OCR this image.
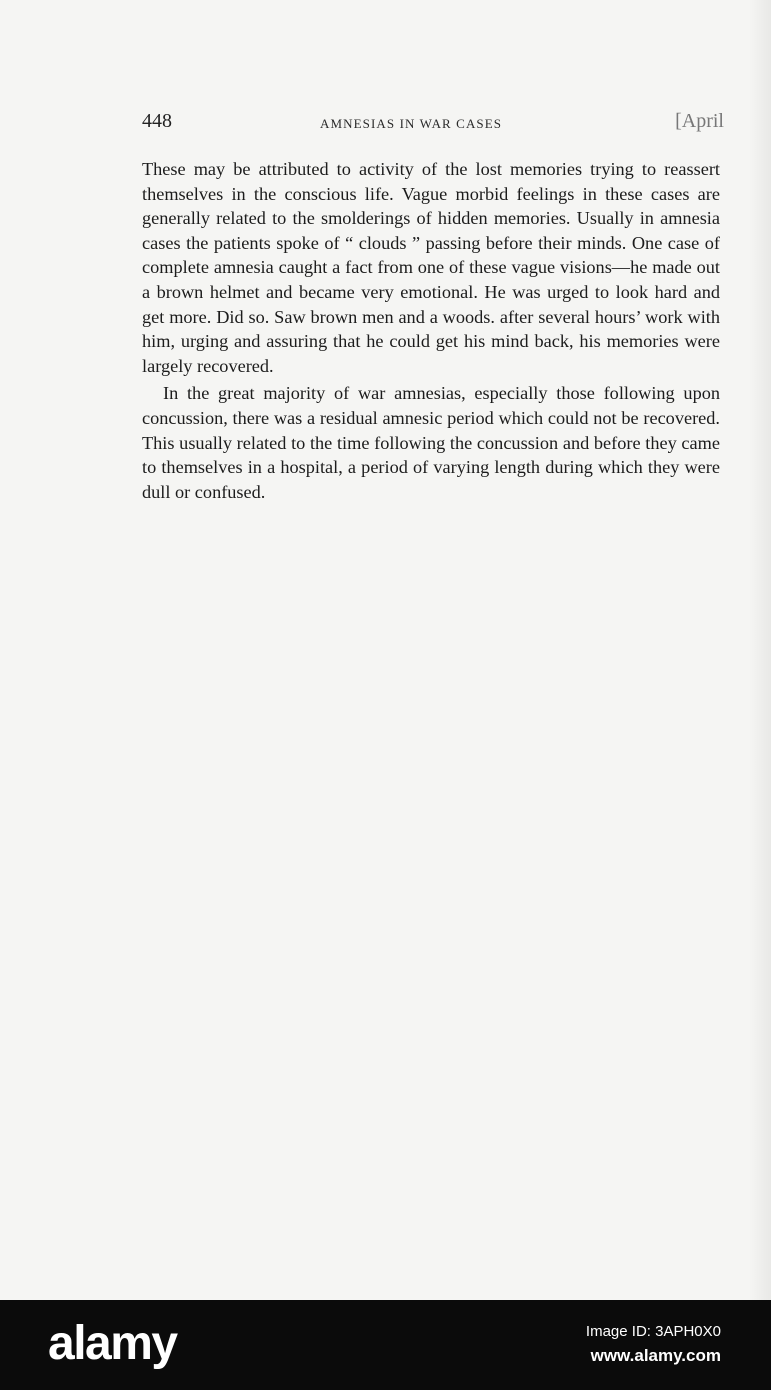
448	AMNESIAS IN WAR CASES	[April

These may be attributed to activity of the lost memories trying to reassert themselves in the conscious life. Vague morbid feelings in these cases are generally related to the smolderings of hidden memories. Usually in amnesia cases the patients spoke of “ clouds ” passing before their minds. One case of complete amnesia caught a fact from one of these vague visions—he made out a brown helmet and became very emotional. He was urged to look hard and get more. Did so. Saw brown men and a woods. after several hours’ work with him, urging and assuring that he could get his mind back, his memories were largely recovered.

In the great majority of war amnesias, especially those following upon concussion, there was a residual amnesic period which could not be recovered. This usually related to the time following the concussion and before they came to themselves in a hospital, a period of varying length during which they were dull or confused.

alamy	Image ID: 3APH0X0
www.alamy.com
